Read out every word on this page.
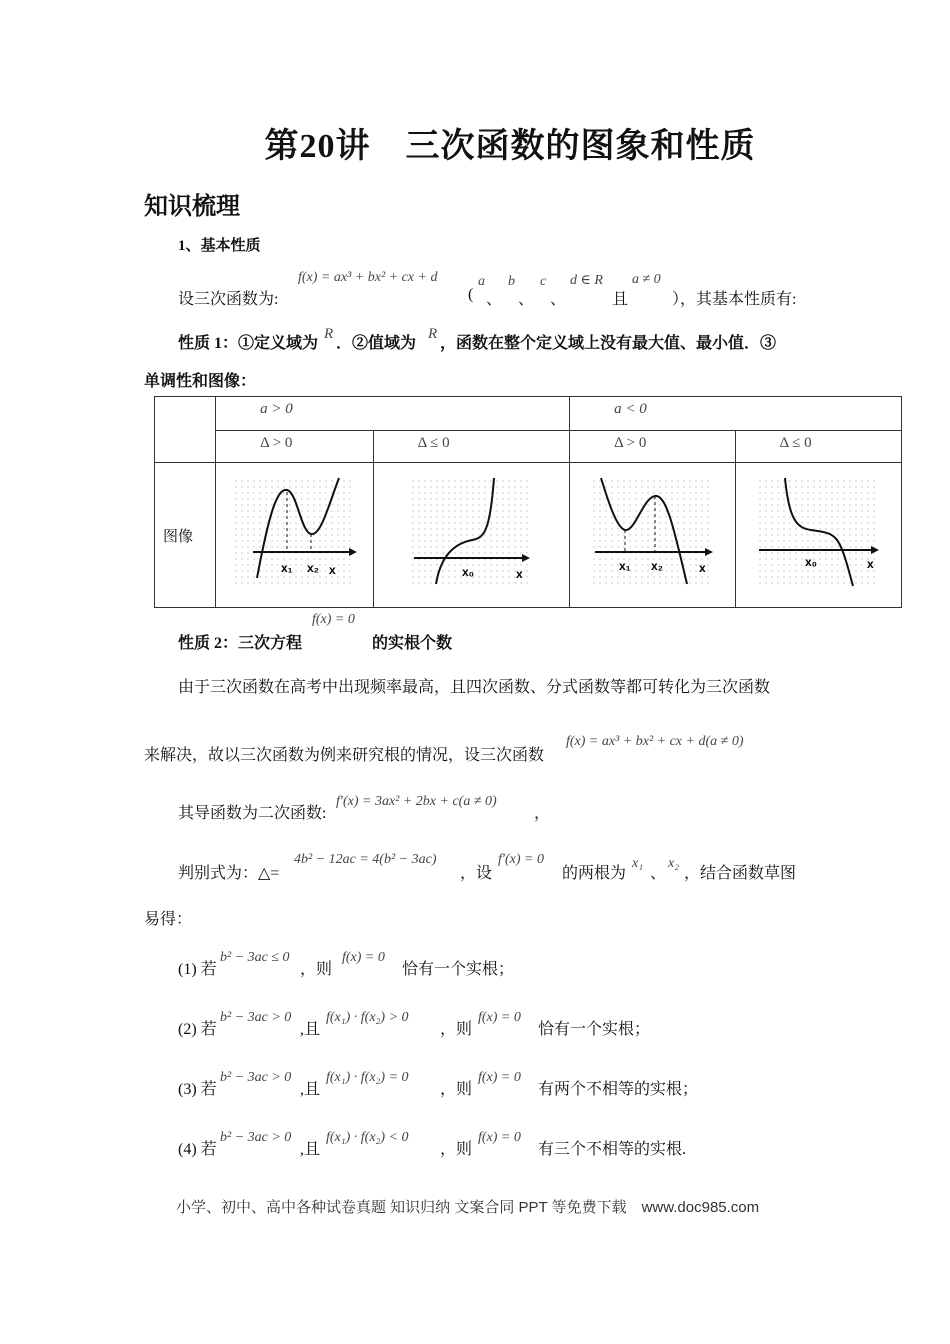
第20讲　三次函数的图象和性质
知识梳理
1、基本性质
设三次函数为:
f(x) = ax³ + bx² + cx + d
(
a
、
b
、
c
、
d ∈ R
且
a ≠ 0
），其基本性质有:
性质 1：①定义域为
R
．②值域为
R
，函数在整个定义域上没有最大值、最小值．③
单调性和图像：
	a > 0		a < 0	
	Δ > 0	Δ ≤ 0	Δ > 0	Δ ≤ 0
图像	x₁ x₂ x	x₀ x	x₁ x₂ x	x₀ x
性质 2：三次方程
f(x) = 0
的实根个数
由于三次函数在高考中出现频率最高，且四次函数、分式函数等都可转化为三次函数
来解决，故以三次函数为例来研究根的情况，设三次函数
f(x) = ax³ + bx² + cx + d(a ≠ 0)
其导函数为二次函数:
f′(x) = 3ax² + 2bx + c(a ≠ 0)
，
判别式为：△=
4b² − 12ac = 4(b² − 3ac)
，设
f′(x) = 0
的两根为
x₁
、
x₂
，结合函数草图
易得：
(1) 若
b² − 3ac ≤ 0
，则
f(x) = 0
恰有一个实根；
(2) 若
b² − 3ac > 0
,且
f(x₁) · f(x₂) > 0
，则
f(x) = 0
恰有一个实根；
(3) 若
b² − 3ac > 0
,且
f(x₁) · f(x₂) = 0
，则
f(x) = 0
有两个不相等的实根；
(4) 若
b² − 3ac > 0
,且
f(x₁) · f(x₂) < 0
，则
f(x) = 0
有三个不相等的实根.
小学、初中、高中各种试卷真题 知识归纳 文案合同 PPT 等免费下载　www.doc985.com
